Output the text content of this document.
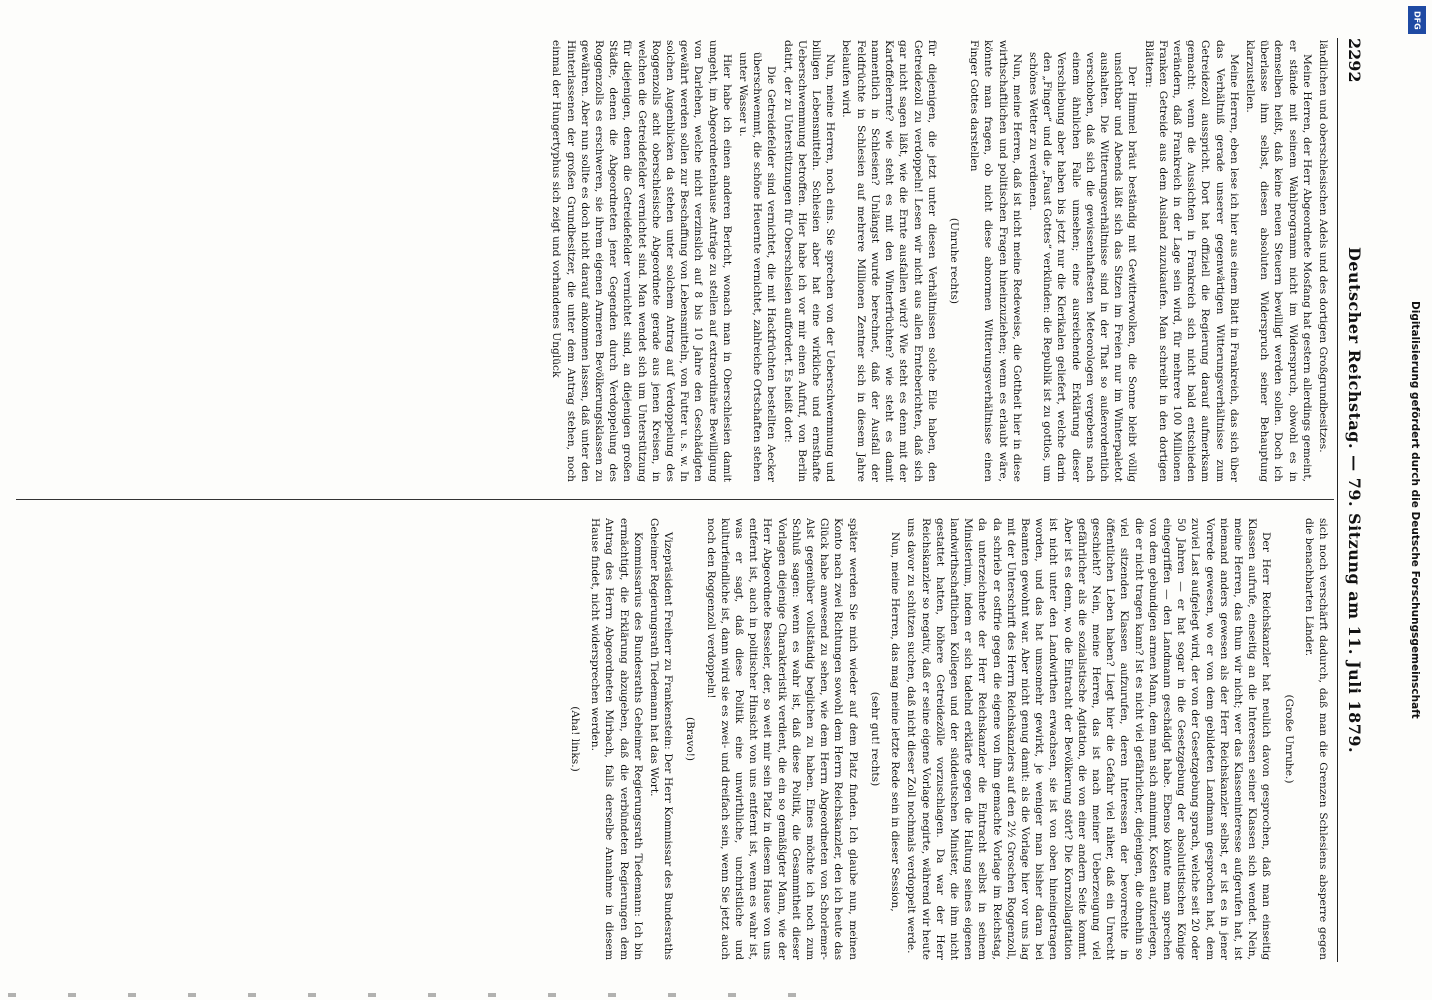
2292
Deutscher Reichstag. — 79. Sitzung am 11. Juli 1879.

ländlichen und oberschlesischen Adels und des dortigen Großgrundbesitzes.

Meine Herren, der Herr Abgeordnete Mosfang hat gestern allerdings gemeint, er stände mit seinem Wahlprogramm nicht im Widerspruch, obwohl es in demselben heißt, daß keine neuen Steuern bewilligt werden sollen. Doch ich überlasse ihm selbst, diesen absoluten Widerspruch seiner Behauptung klarzustellen.

Meine Herren, eben lese ich hier aus einem Blatt in Frankreich, das sich über das Verhältniß gerade unserer gegenwärtigen Witterungsverhältnisse zum Getreidezoll ausspricht. Dort hat offiziell die Regierung darauf aufmerksam gemacht: wenn die Aussichten in Frankreich sich nicht bald entschieden verändern, daß Frankreich in der Lage sein wird, für mehrere 100 Millionen Franken Getreide aus dem Ausland zuzukaufen. Man schreibt in den dortigen Blättern:

Der Himmel bräut beständig mit Gewitterwolken, die Sonne bleibt völlig unsichtbar und Abends läßt sich das Sitzen im Freien nur im Winterpaletot aushalten. Die Witterungsverhältnisse sind in der That so außerordentlich verschoben, daß sich die gewissenhaftesten Meteorologen vergebens nach einem ähnlichen Falle umsehen; eine ausreichende Erklärung dieser Verschiebung aber haben bis jetzt nur die Klerikalen geliefert, welche darin den „Finger“ und die „Faust Gottes“ verkünden: die Republik ist zu gottlos, um schönes Wetter zu verdienen.

Nun, meine Herren, daß ist nicht meine Redeweise, die Gottheit hier in diese wirthschaftlichen und politischen Fragen hineinzuziehen; wenn es erlaubt wäre, könnte man fragen, ob nicht diese abnormen Witterungsverhältnisse einen Finger Gottes darstellen

(Unruhe rechts)

für diejenigen, die jetzt unter diesen Verhältnissen solche Eile haben, den Getreidezoll zu verdoppeln! Lesen wir nicht aus allen Ernteberichten, daß sich gar nicht sagen läßt, wie die Ernte ausfallen wird? Wie steht es denn mit der Kartoffelernte? wie steht es mit den Winterfrüchten? wie steht es damit namentlich in Schlesien? Unlängst wurde berechnet, daß der Ausfall der Feldfrüchte in Schlesien auf mehrere Millionen Zentner sich in diesem Jahre belaufen wird.

Nun, meine Herren, noch eins. Sie sprechen von der Ueberschwemmung und billigen Lebensmitteln. Schlesien aber hat eine wirkliche und ernsthafte Ueberschwemmung betroffen. Hier habe ich vor mir einen Aufruf, von Berlin datirt, der zu Unterstützungen für Oberschlesien auffordert. Es heißt dort:

Die Getreidefelder sind vernichtet, die mit Hackfrüchten bestellten Aecker überschwemmt, die schöne Heuernte vernichtet, zahlreiche Ortschaften stehen unter Wasser u.

Hier habe ich einen anderen Bericht, wonach man in Oberschlesien damit umgeht, im Abgeordnetenhause Anträge zu stellen auf extraordinäre Bewilligung von Darlehen, welche nicht verzinslich auf 8 bis 10 Jahre den Geschädigten gewährt werden sollen zur Beschaffung von Lebensmitteln, von Futter u. s. w. In solchen Augenblicken da stehen unter solchem Antrag auf Verdoppelung des Roggenzolls acht oberschlesische Abgeordnete gerade aus jenen Kreisen, in welchen die Getreidefelder vernichtet sind. Man wendet sich um Unterstützung für diejenigen, denen die Getreidefelder vernichtet sind, an diejenigen großen Städte, denen die Abgeordneten jener Gegenden durch Verdoppelung des Roggenzolls es erschweren, sie ihrem eigenen Armeren Bevölkerungsklassen zu gewähren. Aber nun sollte es doch nicht darauf ankommen lassen, daß unter den Hinterlassenen der großen Grundbesitzer, die unter dem Antrag stehen, noch einmal der Hungertyphus sich zeigt und vorhandenes Unglück

sich noch verschärft dadurch, daß man die Grenzen Schlesiens absperre gegen die benachbarten Länder.

(Große Unruhe.)

Der Herr Reichskanzler hat neulich davon gesprochen, daß man einseitig Klassen aufrufe, einseitig an die Interessen seiner Klassen sich wendet. Nein, meine Herren, das thun wir nicht; wer das Klasseninteresse aufgerufen hat, ist niemand anders gewesen als der Herr Reichskanzler selbst, er ist es in jener Vorrede gewesen, wo er von dem gebildeten Landmann gesprochen hat, dem zuviel Last aufgelegt wird, der von der Gesetzgebung sprach, welche seit 20 oder 50 Jahren — er hat sogar in die Gesetzgebung der absolutistischen Könige eingegriffen — den Landmann geschädigt habe. Ebenso könnte man sprechen von dem gebundigen armen Mann, dem man sich annimmt, Kosten aufzuerlegen, die er nicht tragen kann? Ist es nicht viel gefährlicher, diejenigen, die ohnehin so viel sitzenden Klassen aufzurufen, deren Interessen der bevorrechte in öffentlichen Leben haben? Liegt hier die Gefahr viel näher, daß ein Unrecht geschieht? Nein, meine Herren, das ist nach meiner Ueberzeugung viel gefährlicher als die sozialistische Agitation, die von einer andern Seite kommt. Aber ist es denn, wo die Eintracht der Bevölkerung stört? Die Kornzollagitation ist nicht unter den Landwirthen erwachsen, sie ist von oben hineingetragen worden, und das hat umsomehr gewirkt, je weniger man bisher daran bei Beamten gewohnt war. Aber nicht genug damit: als die Vorlage hier vor uns lag mit der Unterschrift des Herrn Reichskanzlers auf den 2½ Groschen Roggenzoll, da schrieb er ostfrie gegen die eigene von ihm gemachte Vorlage im Reichstag, da unterzeichnete der Herr Reichskanzler die Eintracht selbst in seinem Ministerium, indem er sich tadelnd erklärte gegen die Haltung seines eigenen landwirthschaftlichen Kollegen und der süddeutschen Minister, die ihm nicht gestattet hatten, höhere Getreidezölle vorzuschlagen. Da war der Herr Reichskanzler so negativ, daß er seine eigene Vorlage negirte, während wir heute uns davor zu schützen suchen, daß nicht dieser Zoll nochmals verdoppelt werde.

Nun, meine Herren, das mag meine letzte Rede sein in dieser Session,

(sehr gut! rechts)

später werden Sie mich wieder auf dem Platz finden. Ich glaube nun, meinen Konto nach zwei Richtungen sowohl dem Herrn Reichskanzler, den ich heute das Glück habe anwesend zu sehen, wie dem Herrn Abgeordneten von Schorlemer-Alst gegenüber vollständig beglichen zu haben. Eines möchte ich noch zum Schluß sagen: wenn es wahr ist, daß diese Politik, die Gesammtheit dieser Vorlagen diejenige Charakteristik verdient, die ein so gemäßigter Mann, wie der Herr Abgeordnete Besseler, der, so weit mir sein Platz in diesem Hause von uns entfernt ist, auch in politischer Hinsicht von uns entfernt ist, wenn es wahr ist, was er sagt, daß diese Politik eine unwirthliche, unchristliche und kulturfeindliche ist, dann wird sie es zwei- und dreifach sein, wenn Sie jetzt auch noch den Roggenzoll verdoppeln!

(Bravo!)

Vizepräsident Freiherr zu Frankenstein: Der Herr Kommissar des Bundesraths Geheimer Regierungsrath Tiedemann hat das Wort.

Kommissarius des Bundesraths Geheimer Regierungsrath Tiedemann: Ich bin ermächtigt, die Erklärung abzugeben, daß die verbündeten Regierungen dem Antrag des Herrn Abgeordneten Mirbach, falls derselbe Annahme in diesem Hause findet, nicht widersprechen werden.

(Aha! links.)

DFG
Digitalisierung gefördert durch die Deutsche Forschungsgemeinschaft
